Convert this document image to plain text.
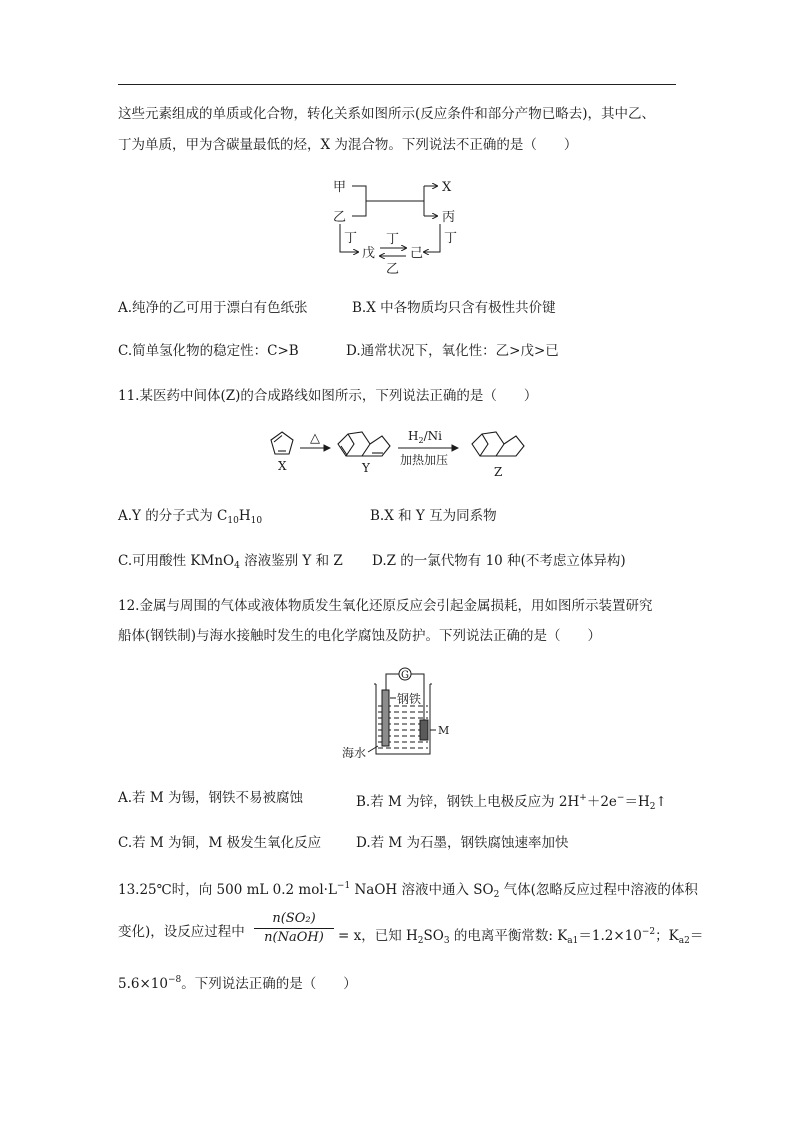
这些元素组成的单质或化合物，转化关系如图所示(反应条件和部分产物已略去)，其中乙、
丁为单质，甲为含碳量最低的烃，X 为混合物。下列说法不正确的是（　　）
甲
乙
X
丙
丁 丁	丁
戊	己
乙
A.纯净的乙可用于漂白有色纸张	B.X 中各物质均只含有极性共价键
C.简单氢化物的稳定性：C>B	D.通常状况下，氧化性：乙>戊>已
11.某医药中间体(Z)的合成路线如图所示，下列说法正确的是（　　）
△	$H_2/Ni$
加热加压
X	Y	Z
A.Y 的分子式为 $C_{10}H_{10}$	B.X 和 Y 互为同系物
C.可用酸性 KMnO$_4$ 溶液鉴别 Y 和 Z D.Z 的一氯代物有 10 种(不考虑立体异构)
12.金属与周围的气体或液体物质发生氧化还原反应会引起金属损耗，用如图所示装置研究
船体(钢铁制)与海水接触时发生的电化学腐蚀及防护。下列说法正确的是（　　）
G
钢铁
M
海水
A.若 M 为锡，钢铁不易被腐蚀	B.若 M 为锌，钢铁上电极反应为 $2H^++2e^-=H_2↑$
C.若 M 为铜，M 极发生氧化反应	D.若 M 为石墨，钢铁腐蚀速率加快
13.25℃时，向 500 mL 0.2 $mol\cdot L^{-1}$ NaOH 溶液中通入 $SO_2$ 气体(忽略反应过程中溶液的体积
变化)，设反应过程中
n(SO₂)
n(NaOH)	= x，已知 $H_2SO_3$ 的电离平衡常数: $K_{a1}=1.2\times 10^{-2}$；$K_{a2}=$
$5.6\times 10^{-8}$。下列说法正确的是（　　）
